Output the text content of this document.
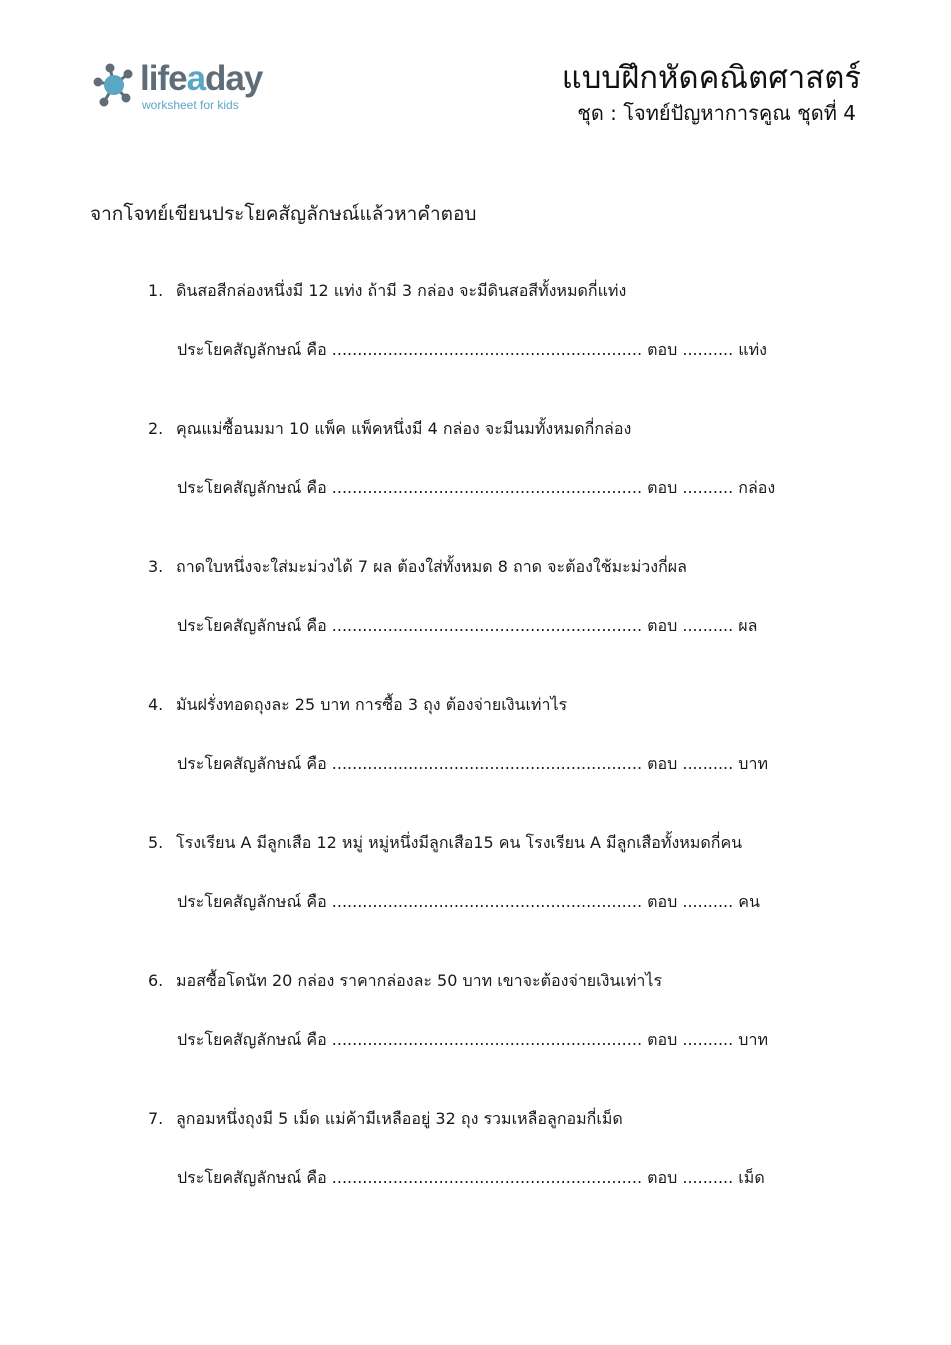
lifeaday
worksheet for kids
แบบฝึกหัดคณิตศาสตร์
ชุด : โจทย์ปัญหาการคูณ ชุดที่ 4
จากโจทย์เขียนประโยคสัญลักษณ์แล้วหาคำตอบ
1. ดินสอสีกล่องหนึ่งมี 12 แท่ง ถ้ามี 3 กล่อง จะมีดินสอสีทั้งหมดกี่แท่ง
ประโยคสัญลักษณ์ คือ ............................................................. ตอบ .......... แท่ง
2. คุณแม่ซื้อนมมา 10 แพ็ค แพ็คหนึ่งมี 4 กล่อง จะมีนมทั้งหมดกี่กล่อง
ประโยคสัญลักษณ์ คือ ............................................................. ตอบ .......... กล่อง
3. ถาดใบหนึ่งจะใส่มะม่วงได้ 7 ผล ต้องใส่ทั้งหมด 8 ถาด จะต้องใช้มะม่วงกี่ผล
ประโยคสัญลักษณ์ คือ ............................................................. ตอบ .......... ผล
4. มันฝรั่งทอดถุงละ 25 บาท การซื้อ 3 ถุง ต้องจ่ายเงินเท่าไร
ประโยคสัญลักษณ์ คือ ............................................................. ตอบ .......... บาท
5. โรงเรียน A มีลูกเสือ 12 หมู่ หมู่หนึ่งมีลูกเสือ15 คน โรงเรียน A มีลูกเสือทั้งหมดกี่คน
ประโยคสัญลักษณ์ คือ ............................................................. ตอบ .......... คน
6. มอสซื้อโดนัท 20 กล่อง ราคากล่องละ 50 บาท เขาจะต้องจ่ายเงินเท่าไร
ประโยคสัญลักษณ์ คือ ............................................................. ตอบ .......... บาท
7. ลูกอมหนึ่งถุงมี 5 เม็ด แม่ค้ามีเหลืออยู่ 32 ถุง รวมเหลือลูกอมกี่เม็ด
ประโยคสัญลักษณ์ คือ ............................................................. ตอบ .......... เม็ด
